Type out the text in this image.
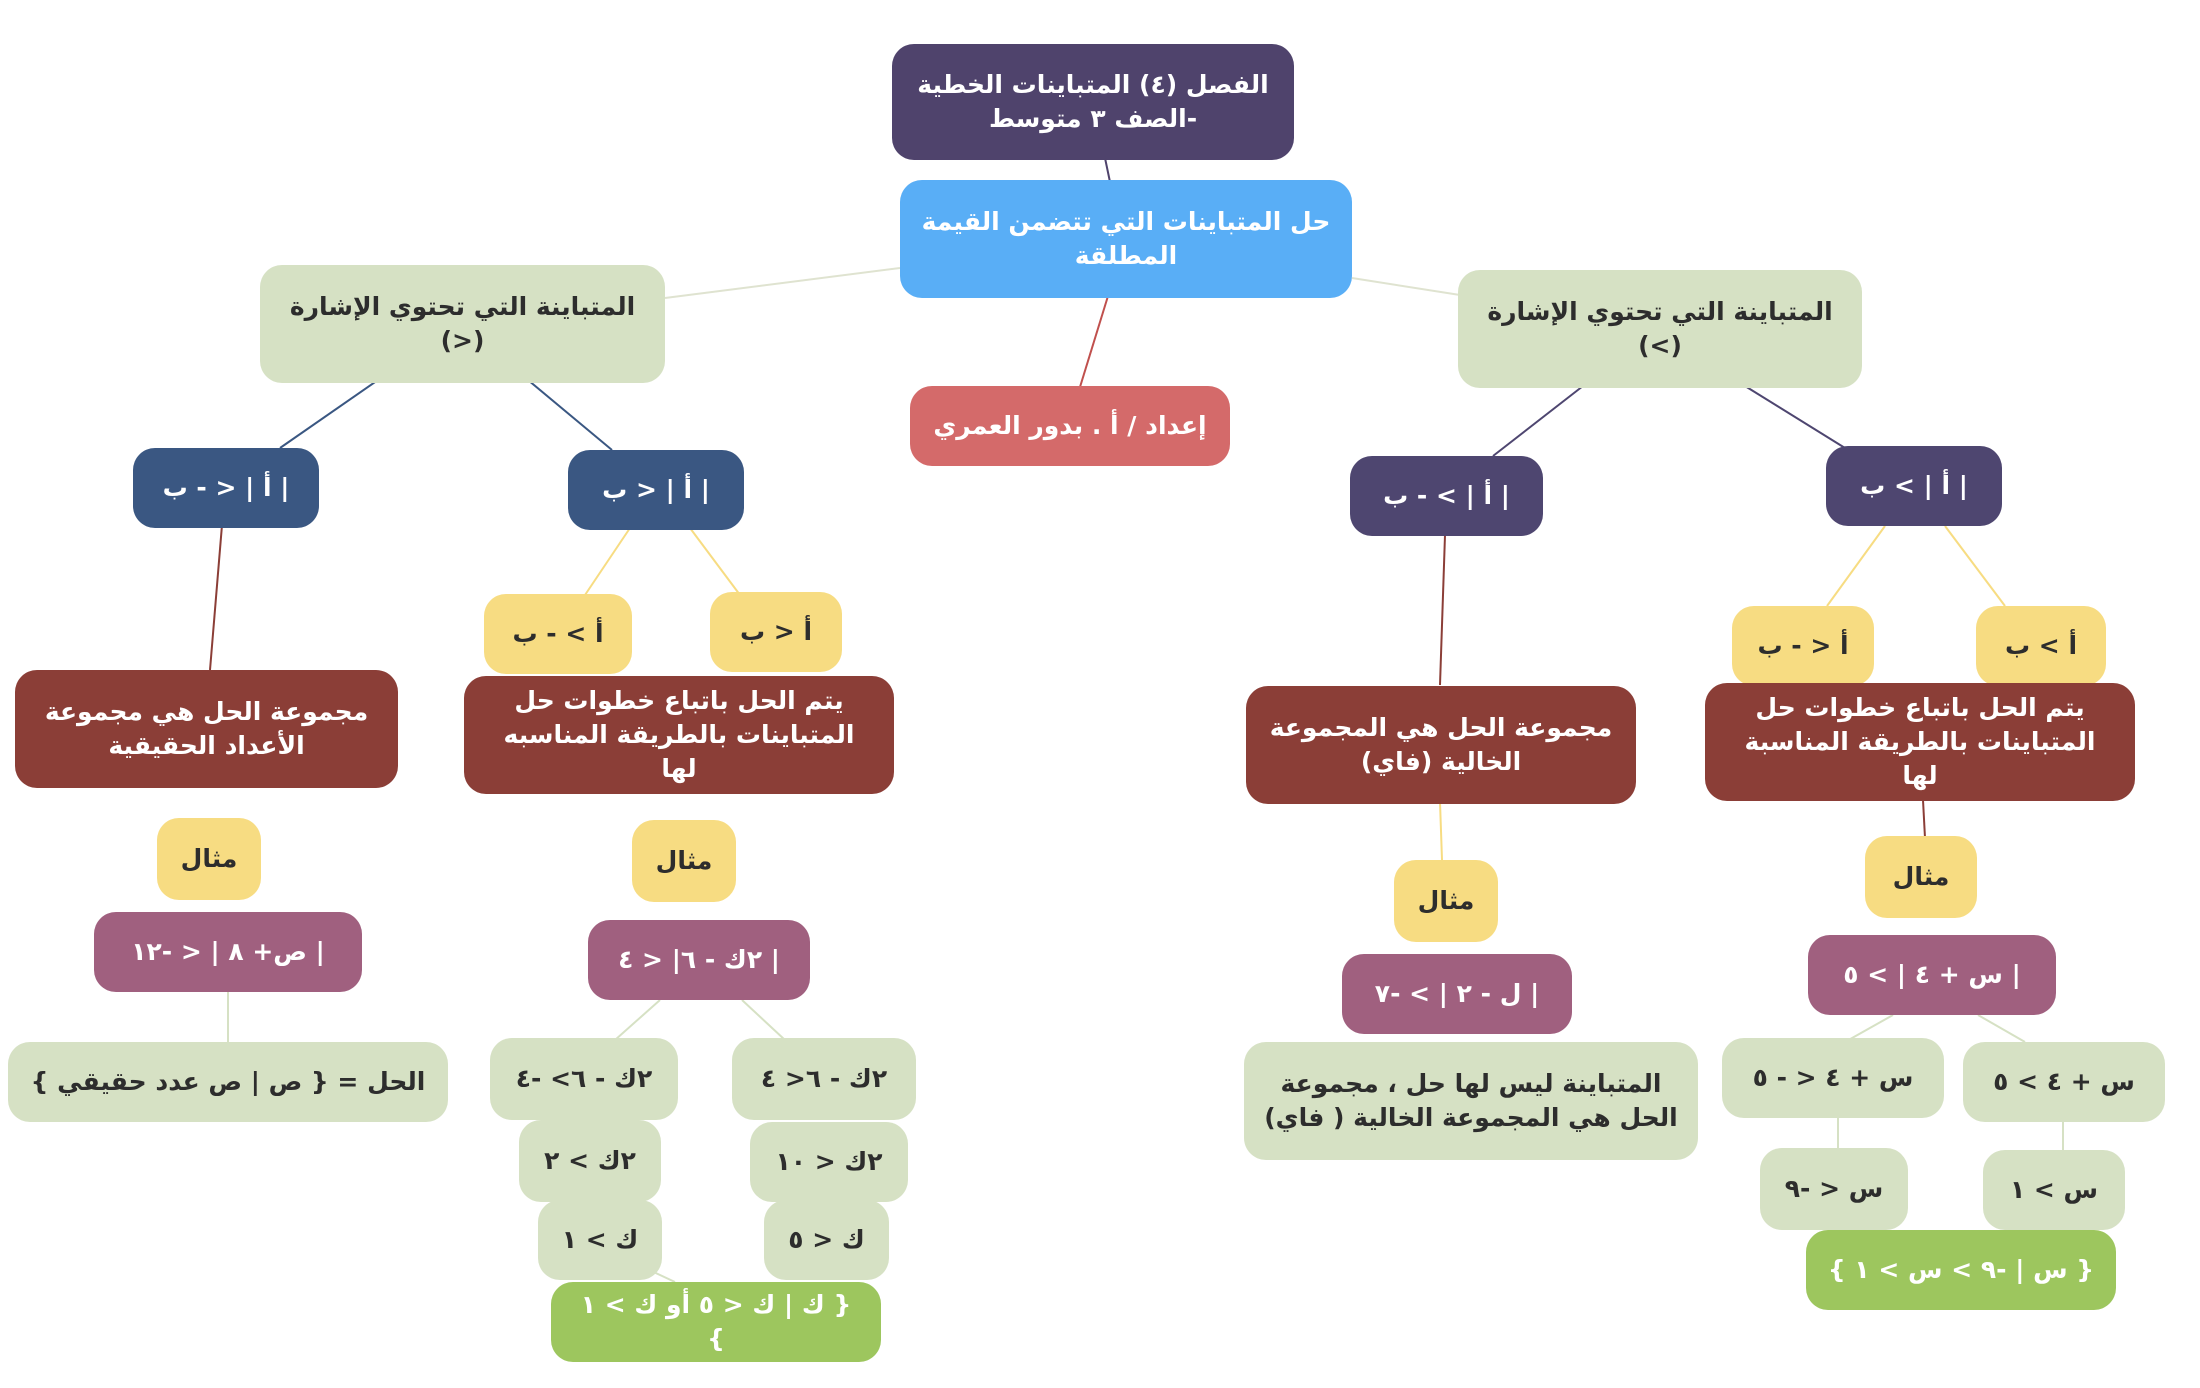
الفصل (٤) المتباينات الخطية
-الصف ٣ متوسط
حل المتباينات التي تتضمن القيمة المطلقة
إعداد / أ . بدور العمري
المتباينة التي تحتوي الإشارة
(<)
| أ | < ب
| أ | < - ب
أ < ب
أ > - ب
يتم الحل باتباع خطوات حل المتباينات بالطريقة المناسبه لها
مجموعة الحل هي مجموعة الأعداد الحقيقية
مثال
مثال
| ٢ك - ٦| < ٤
| ص+ ٨ | < -١٢
الحل = { ص | ص عدد حقيقي }	٢ك - ٦< ٤
٢ك - ٦> -٤
٢ك < ١٠
٢ك > ٢
ك < ٥
ك > ١
{ ك | ك < ٥ أو ك > ١ }
المتباينة التي تحتوي الإشارة
(>)
| أ | > ب
| أ | > - ب
أ > ب
أ < - ب
يتم الحل باتباع خطوات حل المتباينات بالطريقة المناسبة لها
مجموعة الحل هي المجموعة الخالية (فاي)
مثال
مثال
| س + ٤ | > ٥
| ل - ٢ | > -٧
المتباينة ليس لها حل ، مجموعة الحل هي المجموعة الخالية ( فاي)
س + ٤ > ٥
س + ٤ < - ٥
س > ١
س < -٩
{ س | -٩ > س > ١ }
